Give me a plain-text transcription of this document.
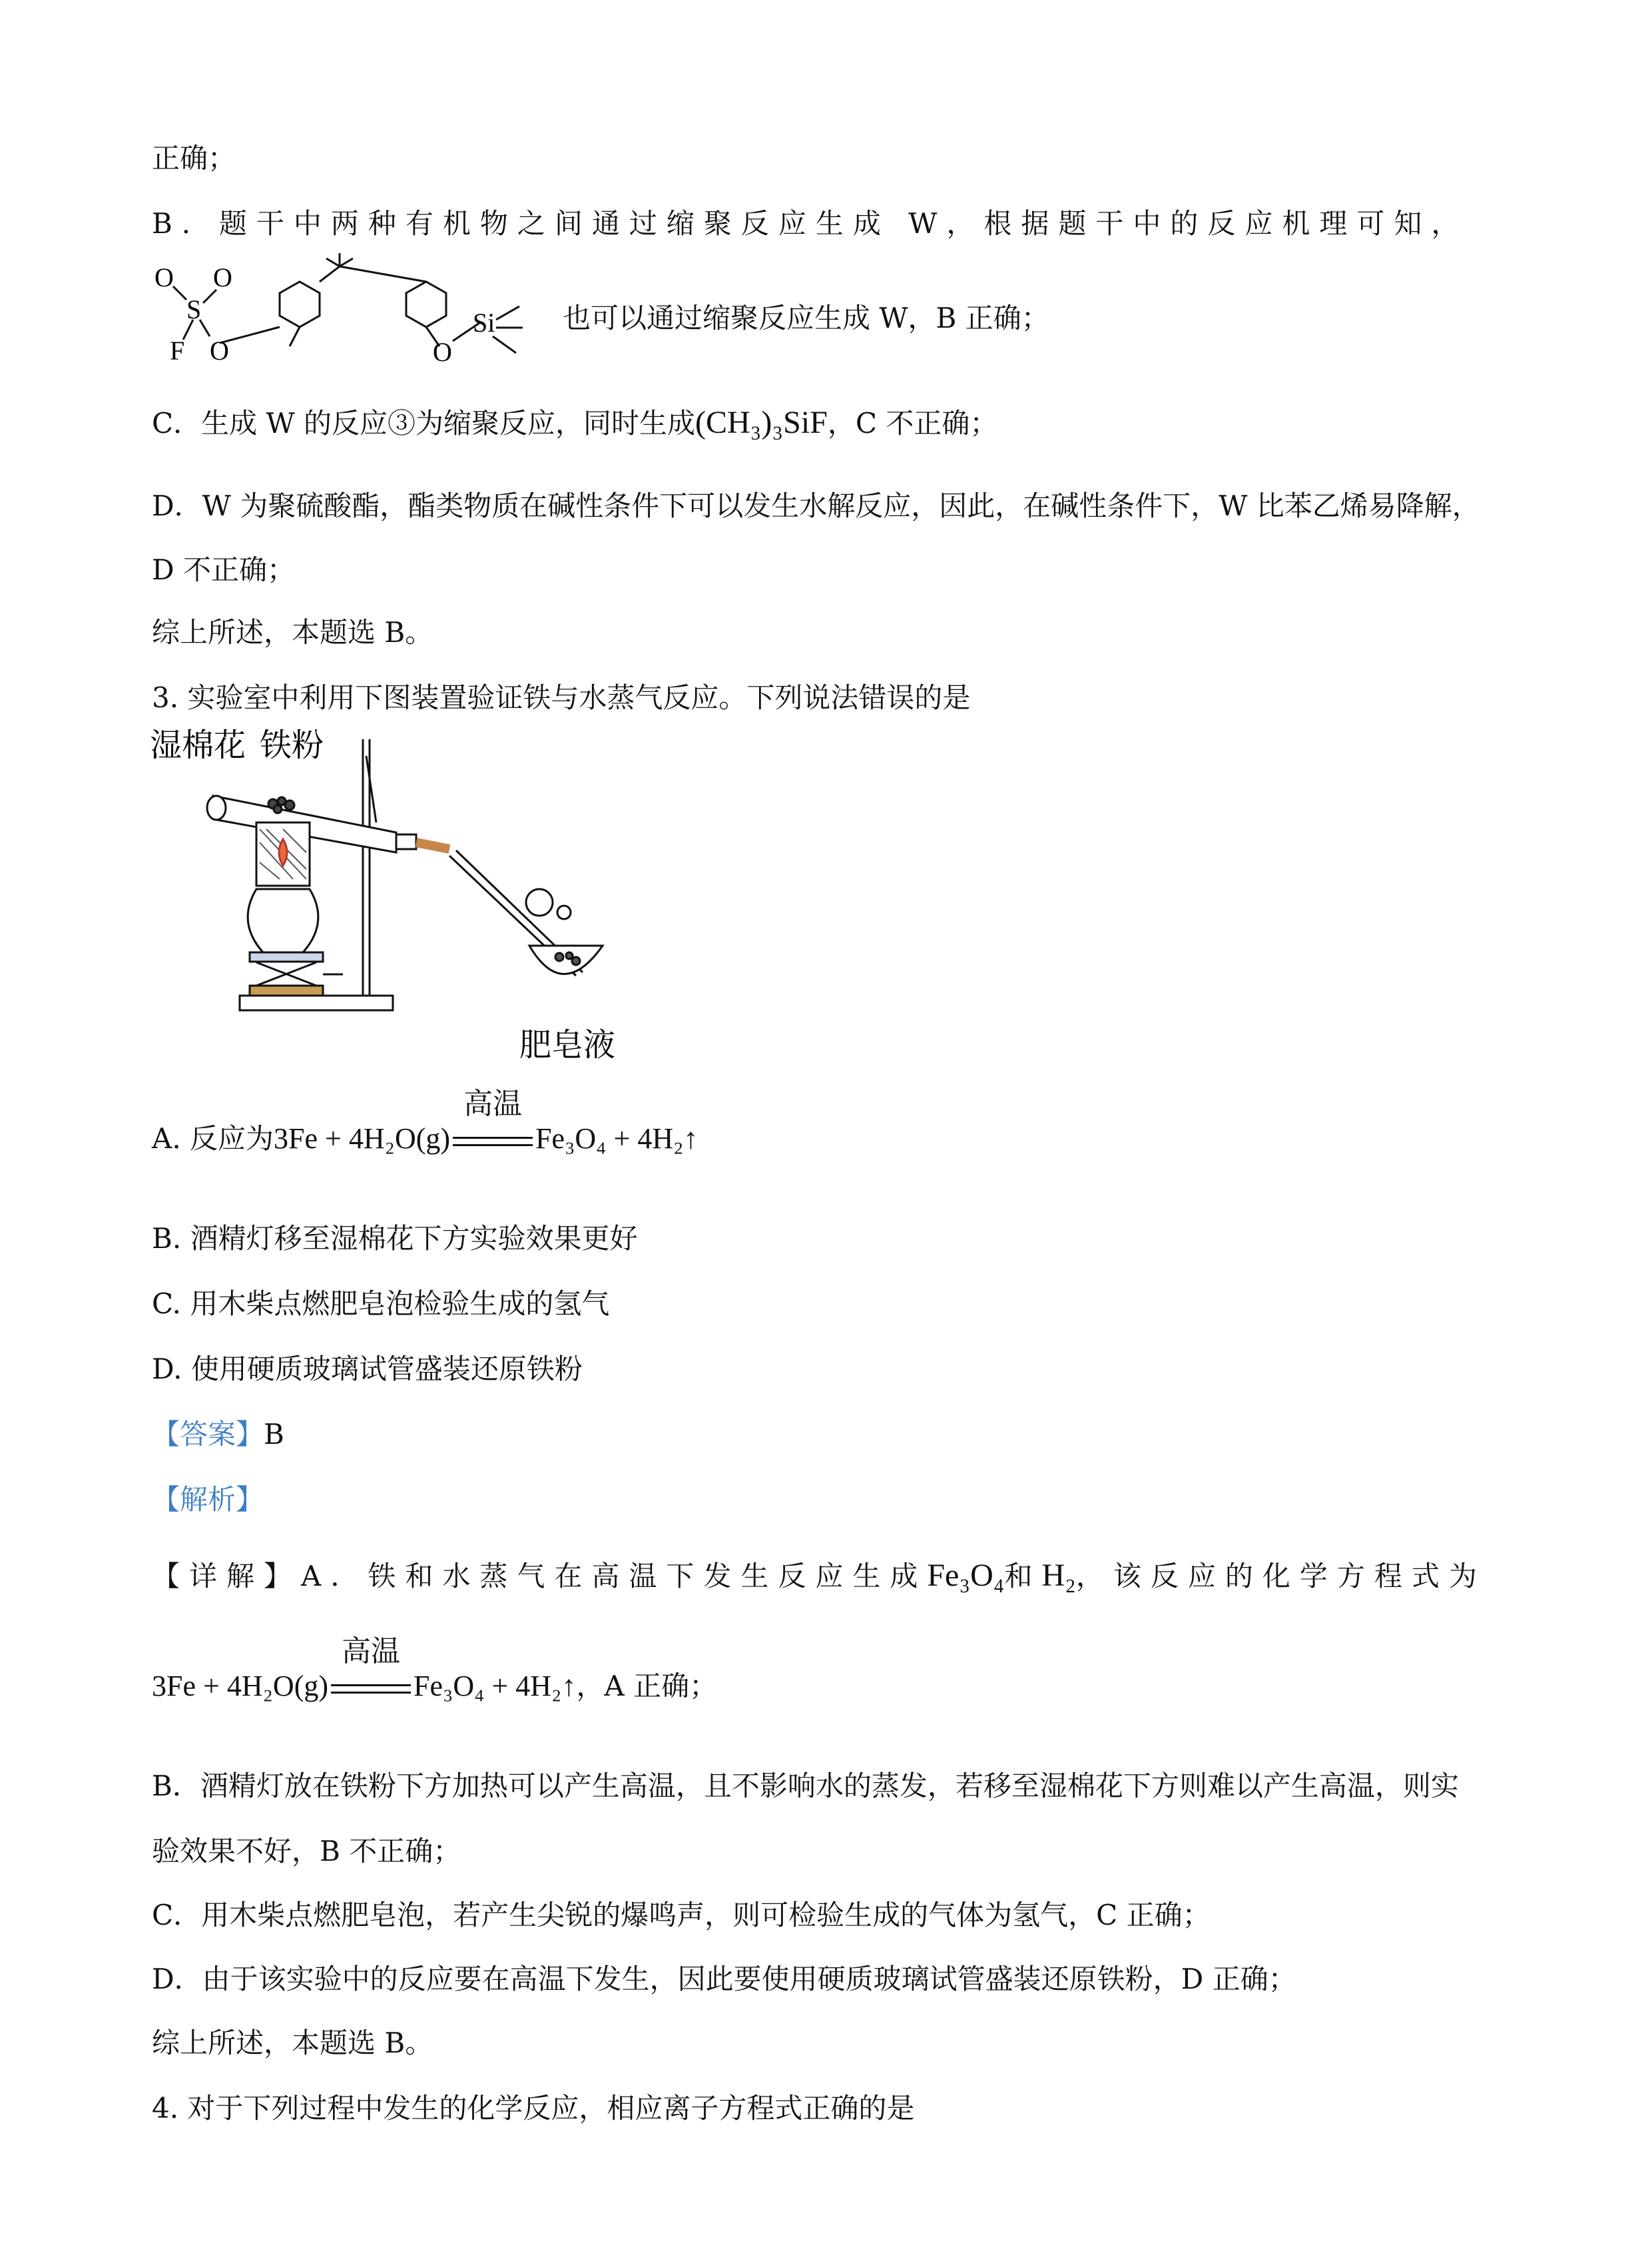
正确；
B．题干中两种有机物之间通过缩聚反应生成 W，根据题干中的反应机理可知，
O
S
O
F O	O
Si 也可以通过缩聚反应生成 W，B 正确；
C．生成 W 的反应③为缩聚反应，同时生成(CH₃)₃SiF，C 不正确；
D．W 为聚硫酸酯，酯类物质在碱性条件下可以发生水解反应，因此，在碱性条件下，W 比苯乙烯易降解，
D 不正确；
综上所述，本题选 B。
3. 实验室中利用下图装置验证铁与水蒸气反应。下列说法错误的是
湿棉花 铁粉
肥皂液
A. 反应为3Fe + 4H₂O(g)
高温
Fe₃O₄ + 4H₂↑
B. 酒精灯移至湿棉花下方实验效果更好
C. 用木柴点燃肥皂泡检验生成的氢气
D. 使用硬质玻璃试管盛装还原铁粉
【答案】B
【解析】
【详解】A．铁和水蒸气在高温下发生反应生成Fe₃O₄和H₂，该反应的化学方程式为
3Fe + 4H₂O(g)
高温
Fe₃O₄ + 4H₂↑，A 正确；
B．酒精灯放在铁粉下方加热可以产生高温，且不影响水的蒸发，若移至湿棉花下方则难以产生高温，则实
验效果不好，B 不正确；
C．用木柴点燃肥皂泡，若产生尖锐的爆鸣声，则可检验生成的气体为氢气，C 正确；
D．由于该实验中的反应要在高温下发生，因此要使用硬质玻璃试管盛装还原铁粉，D 正确；
综上所述，本题选 B。
4. 对于下列过程中发生的化学反应，相应离子方程式正确的是
